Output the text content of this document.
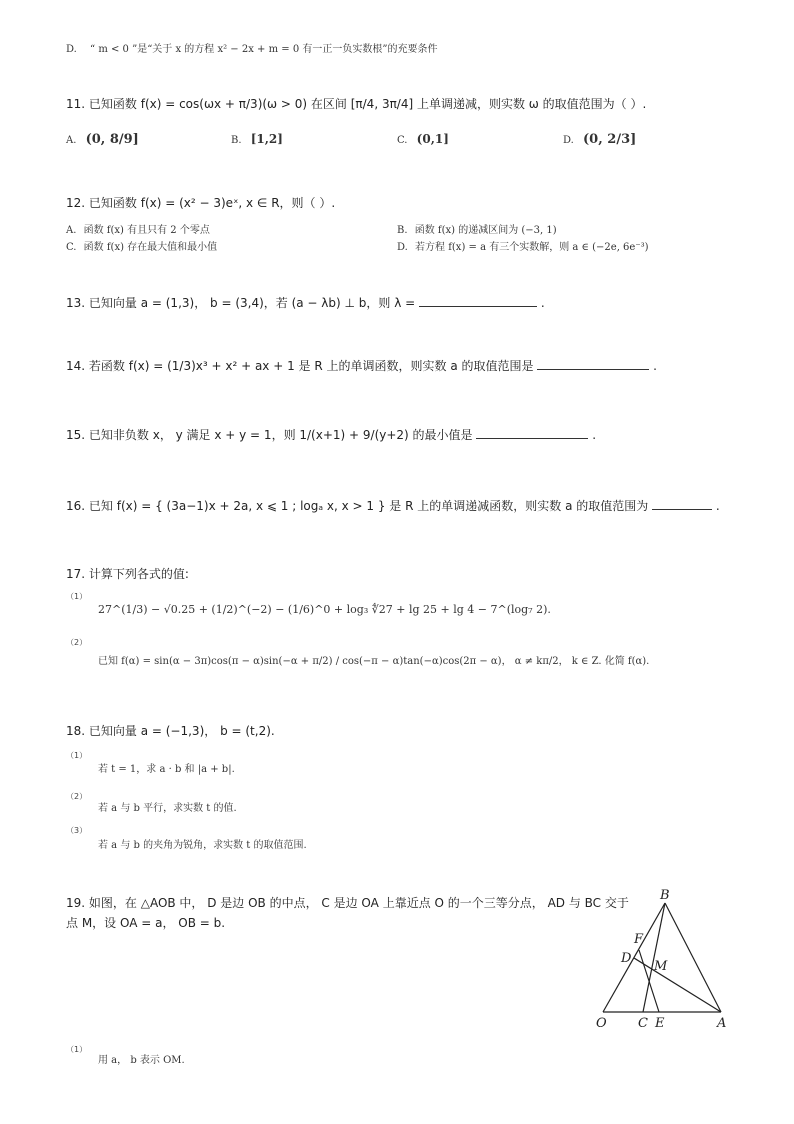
D. “ m < 0 ”是“关于 x 的方程 x² − 2x + m = 0 有一正一负实数根”的充要条件
11. 已知函数 f(x) = cos(ωx + π/3)(ω > 0) 在区间 [π/4, 3π/4] 上单调递减，则实数 ω 的取值范围为（ ）.
A. (0, 8/9]	B. [1,2]	C. (0,1]	D. (0, 2/3]
12. 已知函数 f(x) = (x² − 3)eˣ, x ∈ R，则（ ）.
A. 函数 f(x) 有且只有 2 个零点	B. 函数 f(x) 的递减区间为 (−3, 1)
C. 函数 f(x) 存在最大值和最小值	D. 若方程 f(x) = a 有三个实数解，则 a ∈ (−2e, 6e⁻³)
13. 已知向量 a = (1,3)， b = (3,4)，若 (a − λb) ⊥ b，则 λ =	.
14. 若函数 f(x) = (1/3)x³ + x² + ax + 1 是 R 上的单调函数，则实数 a 的取值范围是	.
15. 已知非负数 x， y 满足 x + y = 1，则 1/(x+1) + 9/(y+2) 的最小值是	.
16. 已知 f(x) = { (3a−1)x + 2a, x ⩽ 1 ; logₐ x, x > 1 } 是 R 上的单调递减函数，则实数 a 的取值范围为	.
17. 计算下列各式的值:
（1）
27^(1/3) − √0.25 + (1/2)^(−2) − (1/6)^0 + log₃ ∜27 + lg 25 + lg 4 − 7^(log₇ 2).
（2）
已知 f(α) = sin(α − 3π)cos(π − α)sin(−α + π/2) / cos(−π − α)tan(−α)cos(2π − α)， α ≠ kπ/2， k ∈ Z. 化简 f(α).
18. 已知向量 a = (−1,3)， b = (t,2).
（1）
若 t = 1，求 a · b 和 |a + b|.
（2）
若 a 与 b 平行，求实数 t 的值.
（3）
若 a 与 b 的夹角为锐角，求实数 t 的取值范围.
19. 如图，在 △AOB 中， D 是边 OB 的中点， C 是边 OA 上靠近点 O 的一个三等分点， AD 与 BC 交于
点 M，设 OA = a， OB = b.
B
F
D
M
O C E	A
（1）
用 a， b 表示 OM.
